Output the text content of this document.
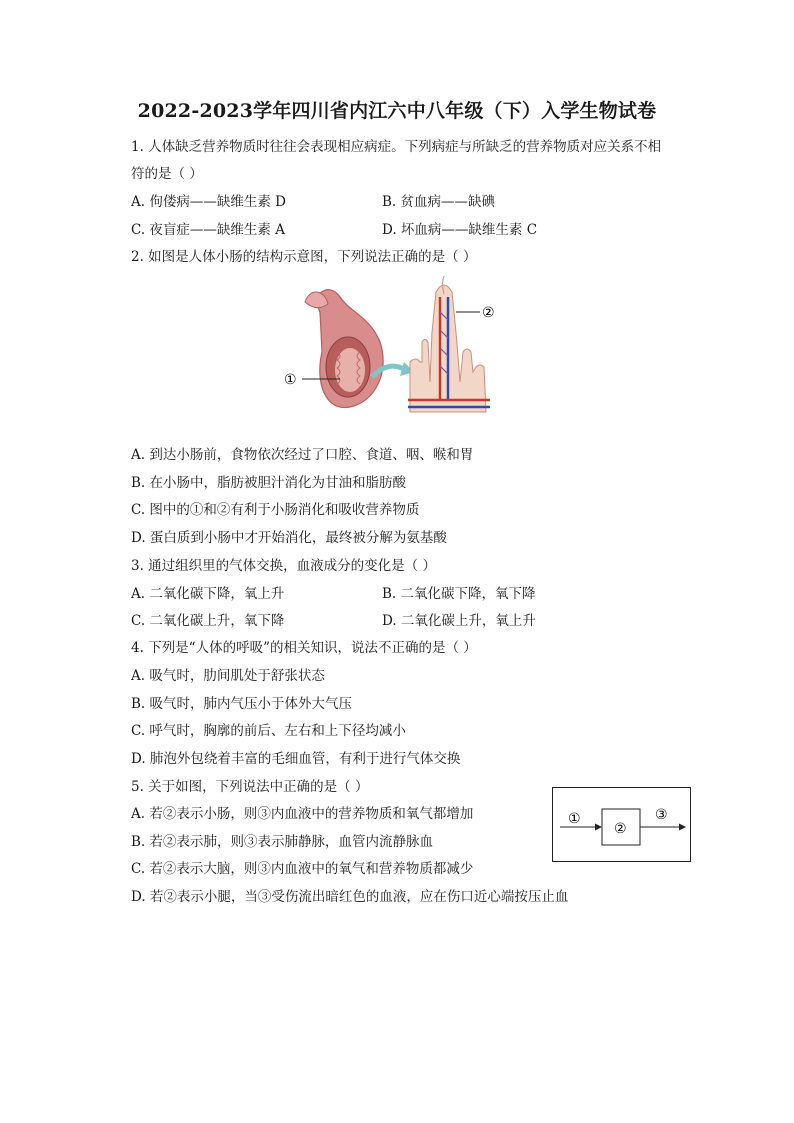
2022-2023学年四川省内江六中八年级（下）入学生物试卷
1. 人体缺乏营养物质时往往会表现相应病症。下列病症与所缺乏的营养物质对应关系不相
符的是（ ）
A. 佝偻病——缺维生素 D	B. 贫血病——缺碘
C. 夜盲症——缺维生素 A	D. 坏血病——缺维生素 C
2. 如图是人体小肠的结构示意图，下列说法正确的是（ ）
①
②
A. 到达小肠前，食物依次经过了口腔、食道、咽、喉和胃
B. 在小肠中，脂肪被胆汁消化为甘油和脂肪酸
C. 图中的①和②有利于小肠消化和吸收营养物质
D. 蛋白质到小肠中才开始消化，最终被分解为氨基酸
3. 通过组织里的气体交换，血液成分的变化是（ ）
A. 二氧化碳下降，氧上升	B. 二氧化碳下降，氧下降
C. 二氧化碳上升，氧下降	D. 二氧化碳上升，氧上升
4. 下列是“人体的呼吸”的相关知识，说法不正确的是（ ）
A. 吸气时，肋间肌处于舒张状态
B. 吸气时，肺内气压小于体外大气压
C. 呼气时，胸廓的前后、左右和上下径均减小
D. 肺泡外包绕着丰富的毛细血管，有利于进行气体交换
5. 关于如图，下列说法中正确的是（ ）
A. 若②表示小肠，则③内血液中的营养物质和氧气都增加
B. 若②表示肺，则③表示肺静脉，血管内流静脉血
C. 若②表示大脑，则③内血液中的氧气和营养物质都减少
D. 若②表示小腿，当③受伤流出暗红色的血液，应在伤口近心端按压止血
①
②
③
